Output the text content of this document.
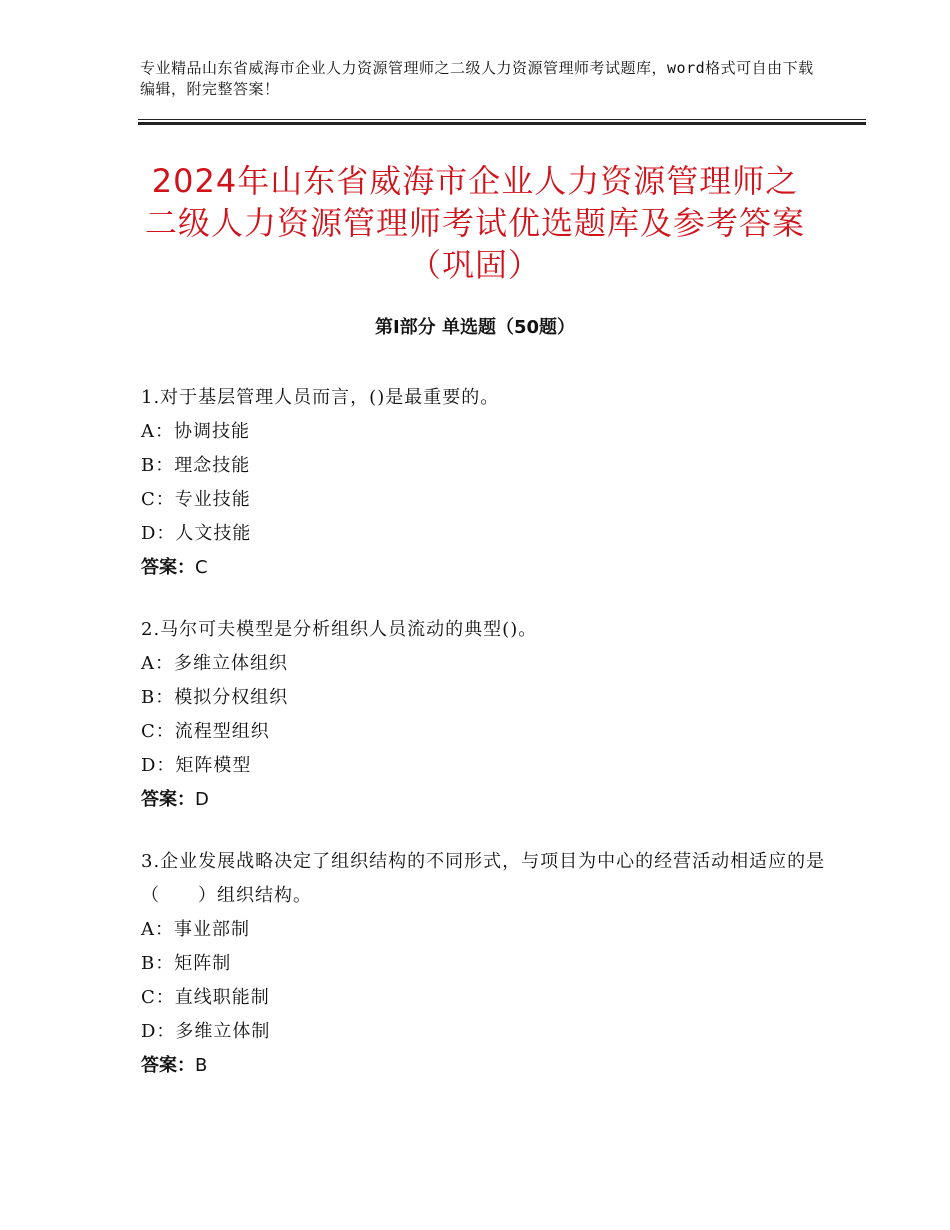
专业精品山东省威海市企业人力资源管理师之二级人力资源管理师考试题库，word格式可自由下载编辑，附完整答案！
2024年山东省威海市企业人力资源管理师之二级人力资源管理师考试优选题库及参考答案（巩固）
第Ⅰ部分 单选题（50题）
1.对于基层管理人员而言，()是最重要的。
A：协调技能
B：理念技能
C：专业技能
D：人文技能
答案：C
2.马尔可夫模型是分析组织人员流动的典型()。
A：多维立体组织
B：模拟分权组织
C：流程型组织
D：矩阵模型
答案：D
3.企业发展战略决定了组织结构的不同形式，与项目为中心的经营活动相适应的是（　　）组织结构。
A：事业部制
B：矩阵制
C：直线职能制
D：多维立体制
答案：B
